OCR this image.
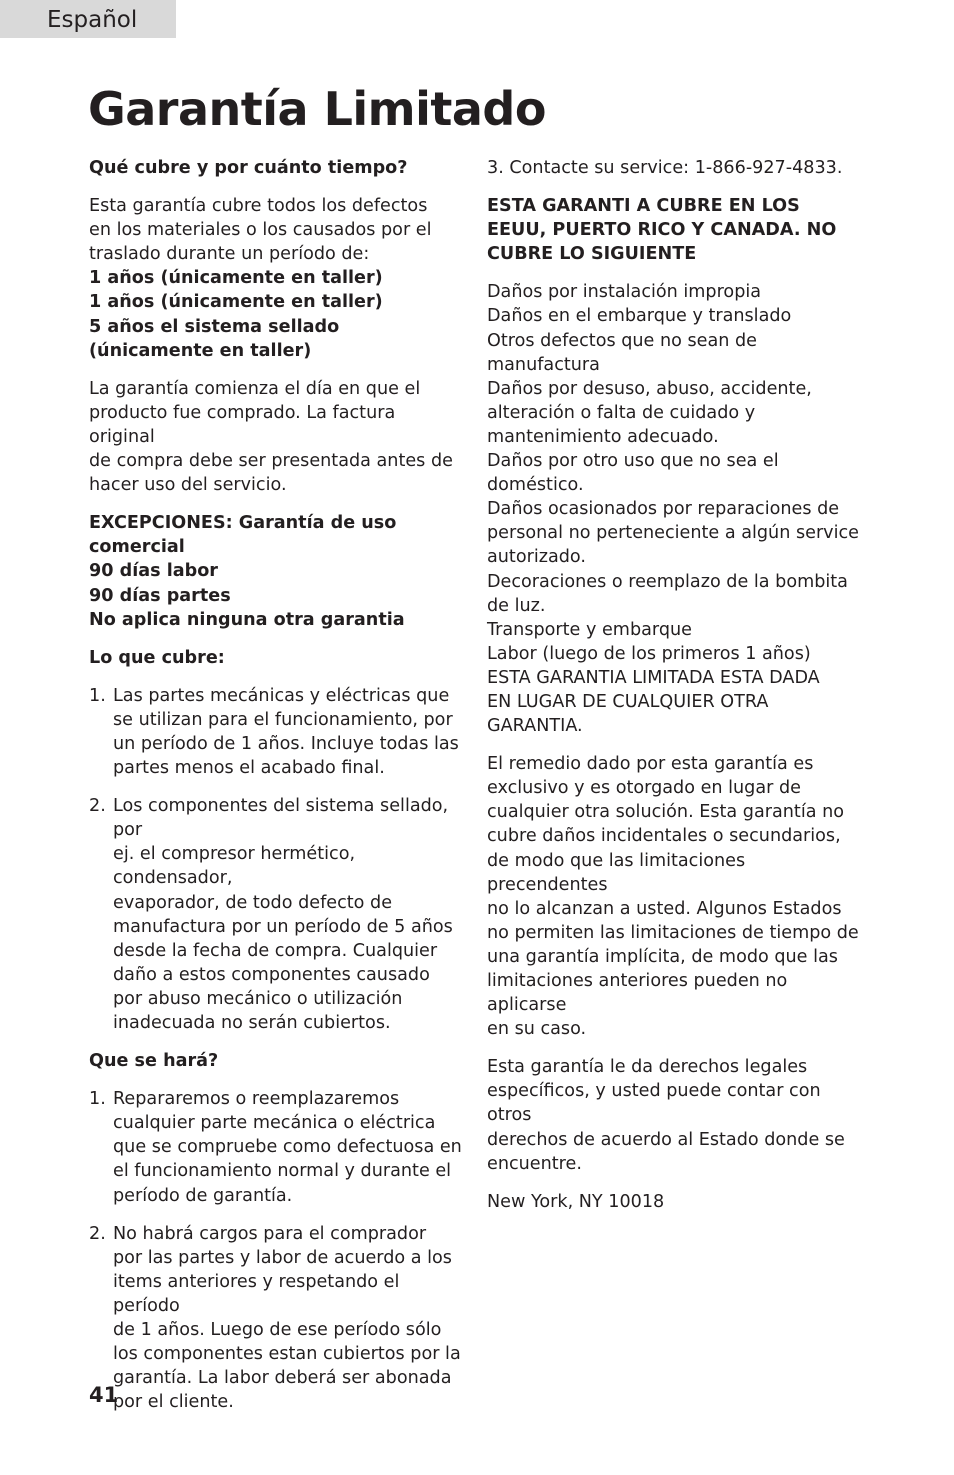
Español
Garantía Limitado

Qué cubre y por cuánto tiempo?

Esta garantía cubre todos los defectos
en los materiales o los causados por el
traslado durante un período de:
1 años (únicamente en taller)
1 años (únicamente en taller)
5 años el sistema sellado
(únicamente en taller)

La garantía comienza el día en que el
producto fue comprado. La factura original
de compra debe ser presentada antes de
hacer uso del servicio.

EXCEPCIONES: Garantía de uso
comercial
90 días labor
90 días partes
No aplica ninguna otra garantia

Lo que cubre:

1. Las partes mecánicas y eléctricas que
se utilizan para el funcionamiento, por
un período de 1 años. Incluye todas las
partes menos el acabado final.
2. Los componentes del sistema sellado, por
ej. el compresor hermético, condensador,
evaporador, de todo defecto de
manufactura por un período de 5 años
desde la fecha de compra. Cualquier
daño a estos componentes causado
por abuso mecánico o utilización
inadecuada no serán cubiertos.

Que se hará?

1. Repararemos o reemplazaremos
cualquier parte mecánica o eléctrica
que se compruebe como defectuosa en
el funcionamiento normal y durante el
período de garantía.
2. No habrá cargos para el comprador
por las partes y labor de acuerdo a los
items anteriores y respetando el período
de 1 años. Luego de ese período sólo
los componentes estan cubiertos por la
garantía. La labor deberá ser abonada
por el cliente.

3. Contacte su service: 1-866-927-4833.

ESTA GARANTI A CUBRE EN LOS
EEUU, PUERTO RICO Y CANADA. NO
CUBRE LO SIGUIENTE

Daños por instalación impropia
Daños en el embarque y translado
Otros defectos que no sean de manufactura
Daños por desuso, abuso, accidente,
alteración o falta de cuidado y
mantenimiento adecuado.
Daños por otro uso que no sea el
doméstico.
Daños ocasionados por reparaciones de
personal no perteneciente a algún service
autorizado.
Decoraciones o reemplazo de la bombita
de luz.
Transporte y embarque
Labor (luego de los primeros 1 años)
ESTA GARANTIA LIMITADA ESTA DADA
EN LUGAR DE CUALQUIER OTRA
GARANTIA.

El remedio dado por esta garantía es
exclusivo y es otorgado en lugar de
cualquier otra solución. Esta garantía no
cubre daños incidentales o secundarios,
de modo que las limitaciones precendentes
no lo alcanzan a usted. Algunos Estados
no permiten las limitaciones de tiempo de
una garantía implícita, de modo que las
limitaciones anteriores pueden no aplicarse
en su caso.

Esta garantía le da derechos legales
específicos, y usted puede contar con otros
derechos de acuerdo al Estado donde se
encuentre.

New York, NY 10018

41
